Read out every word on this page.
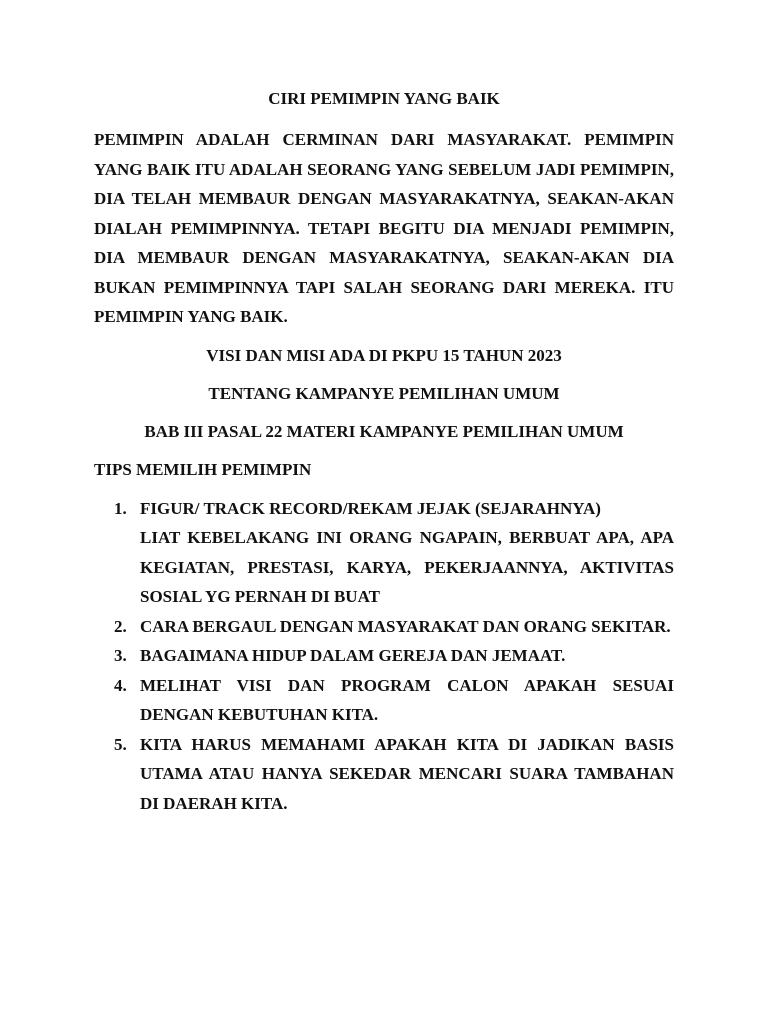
CIRI PEMIMPIN YANG BAIK

PEMIMPIN ADALAH CERMINAN DARI MASYARAKAT. PEMIMPIN YANG BAIK ITU ADALAH SEORANG YANG SEBELUM JADI PEMIMPIN, DIA TELAH MEMBAUR DENGAN MASYARAKATNYA, SEAKAN-AKAN DIALAH PEMIMPINNYA. TETAPI BEGITU DIA MENJADI PEMIMPIN, DIA MEMBAUR DENGAN MASYARAKATNYA, SEAKAN-AKAN DIA BUKAN PEMIMPINNYA TAPI SALAH SEORANG DARI MEREKA. ITU PEMIMPIN YANG BAIK.

VISI DAN MISI ADA DI PKPU 15 TAHUN 2023
TENTANG KAMPANYE PEMILIHAN UMUM
BAB III PASAL 22 MATERI KAMPANYE PEMILIHAN UMUM
TIPS MEMILIH PEMIMPIN
1. FIGUR/ TRACK RECORD/REKAM JEJAK (SEJARAHNYA)
LIAT KEBELAKANG INI ORANG NGAPAIN, BERBUAT APA, APA KEGIATAN, PRESTASI, KARYA, PEKERJAANNYA, AKTIVITAS SOSIAL YG PERNAH DI BUAT
2. CARA BERGAUL DENGAN MASYARAKAT DAN ORANG SEKITAR.
3. BAGAIMANA HIDUP DALAM GEREJA DAN JEMAAT.
4. MELIHAT VISI DAN PROGRAM CALON APAKAH SESUAI DENGAN KEBUTUHAN KITA.
5. KITA HARUS MEMAHAMI APAKAH KITA DI JADIKAN BASIS UTAMA ATAU HANYA SEKEDAR MENCARI SUARA TAMBAHAN DI DAERAH KITA.
